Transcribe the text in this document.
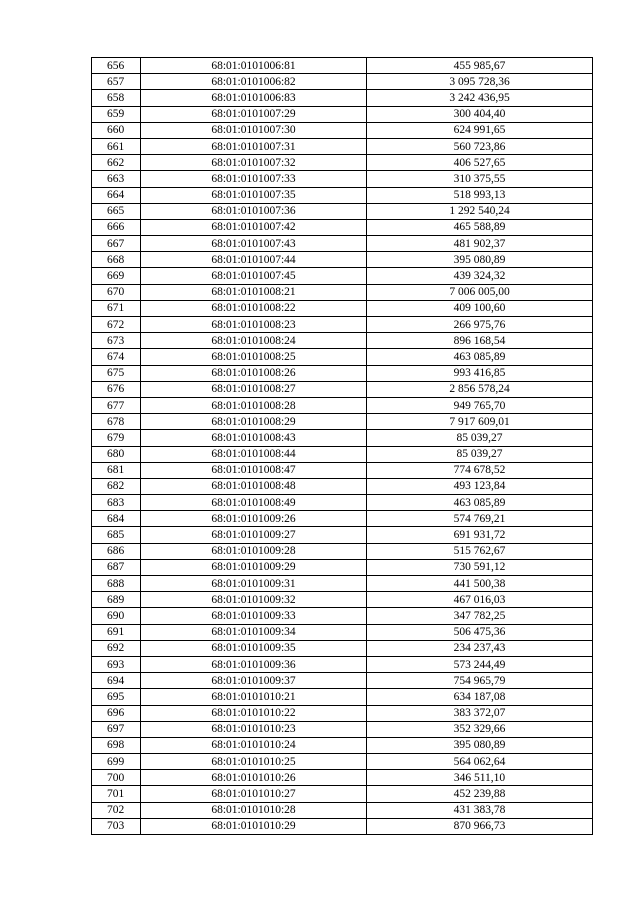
656	68:01:0101006:81	455 985,67
657	68:01:0101006:82	3 095 728,36
658	68:01:0101006:83	3 242 436,95
659	68:01:0101007:29	300 404,40
660	68:01:0101007:30	624 991,65
661	68:01:0101007:31	560 723,86
662	68:01:0101007:32	406 527,65
663	68:01:0101007:33	310 375,55
664	68:01:0101007:35	518 993,13
665	68:01:0101007:36	1 292 540,24
666	68:01:0101007:42	465 588,89
667	68:01:0101007:43	481 902,37
668	68:01:0101007:44	395 080,89
669	68:01:0101007:45	439 324,32
670	68:01:0101008:21	7 006 005,00
671	68:01:0101008:22	409 100,60
672	68:01:0101008:23	266 975,76
673	68:01:0101008:24	896 168,54
674	68:01:0101008:25	463 085,89
675	68:01:0101008:26	993 416,85
676	68:01:0101008:27	2 856 578,24
677	68:01:0101008:28	949 765,70
678	68:01:0101008:29	7 917 609,01
679	68:01:0101008:43	85 039,27
680	68:01:0101008:44	85 039,27
681	68:01:0101008:47	774 678,52
682	68:01:0101008:48	493 123,84
683	68:01:0101008:49	463 085,89
684	68:01:0101009:26	574 769,21
685	68:01:0101009:27	691 931,72
686	68:01:0101009:28	515 762,67
687	68:01:0101009:29	730 591,12
688	68:01:0101009:31	441 500,38
689	68:01:0101009:32	467 016,03
690	68:01:0101009:33	347 782,25
691	68:01:0101009:34	506 475,36
692	68:01:0101009:35	234 237,43
693	68:01:0101009:36	573 244,49
694	68:01:0101009:37	754 965,79
695	68:01:0101010:21	634 187,08
696	68:01:0101010:22	383 372,07
697	68:01:0101010:23	352 329,66
698	68:01:0101010:24	395 080,89
699	68:01:0101010:25	564 062,64
700	68:01:0101010:26	346 511,10
701	68:01:0101010:27	452 239,88
702	68:01:0101010:28	431 383,78
703	68:01:0101010:29	870 966,73
